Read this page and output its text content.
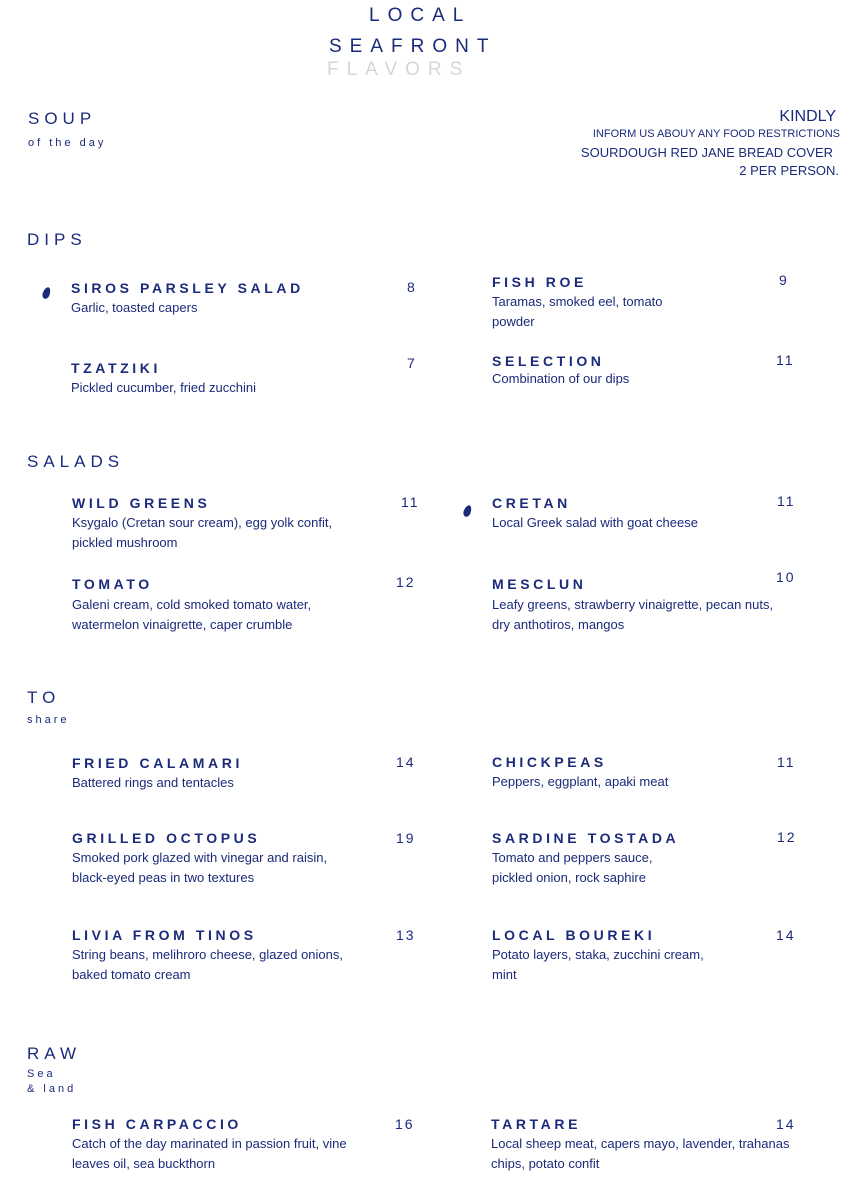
LOCAL
SEAFRONT
FLAVORS
SOUP
of the day
KINDLY
INFORM US ABOUY ANY FOOD RESTRICTIONS
SOURDOUGH RED JANE BREAD COVER
2 PER PERSON.
DIPS
SIROS PARSLEY SALAD
Garlic, toasted capers
8	FISH ROE
Taramas, smoked eel, tomato powder
9
TZATZIKI
Pickled cucumber, fried zucchini
7	SELECTION
Combination of our dips
11
SALADS
WILD GREENS
Ksygalo (Cretan sour cream), egg yolk confit, pickled mushroom
11	CRETAN
Local Greek salad with goat cheese
11
TOMATO
Galeni cream, cold smoked tomato water, watermelon vinaigrette, caper crumble
12	MESCLUN
Leafy greens, strawberry vinaigrette, pecan nuts, dry anthotiros, mangos
10
TO
share
FRIED CALAMARI
Battered rings and tentacles
14	CHICKPEAS
Peppers, eggplant, apaki meat
11
GRILLED OCTOPUS
Smoked pork glazed with vinegar and raisin, black-eyed peas in two textures
19	SARDINE TOSTADA
Tomato and peppers sauce, pickled onion, rock saphire
12
LIVIA FROM TINOS
String beans, melihroro cheese, glazed onions, baked tomato cream
13	LOCAL BOUREKI
Potato layers, staka, zucchini cream, mint
14
RAW
Sea
& land
FISH CARPACCIO
Catch of the day marinated in passion fruit, vine leaves oil, sea buckthorn
16	TARTARE
Local sheep meat, capers mayo, lavender, trahanas chips, potato confit
14
